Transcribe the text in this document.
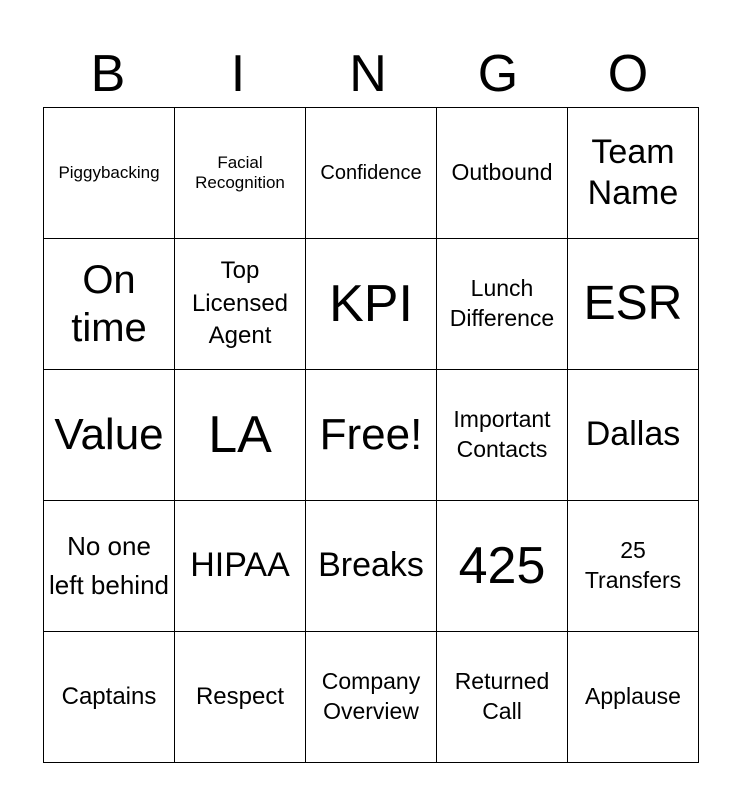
B	I	N	G	O
Piggybacking	Facial Recognition	Confidence	Outbound	Team Name

On time	Top Licensed Agent	KPI	Lunch Difference	ESR

Value	LA	Free!	Important Contacts	Dallas

No one left behind	HIPAA	Breaks	425	25 Transfers

Captains	Respect	Company Overview	Returned Call	Applause
